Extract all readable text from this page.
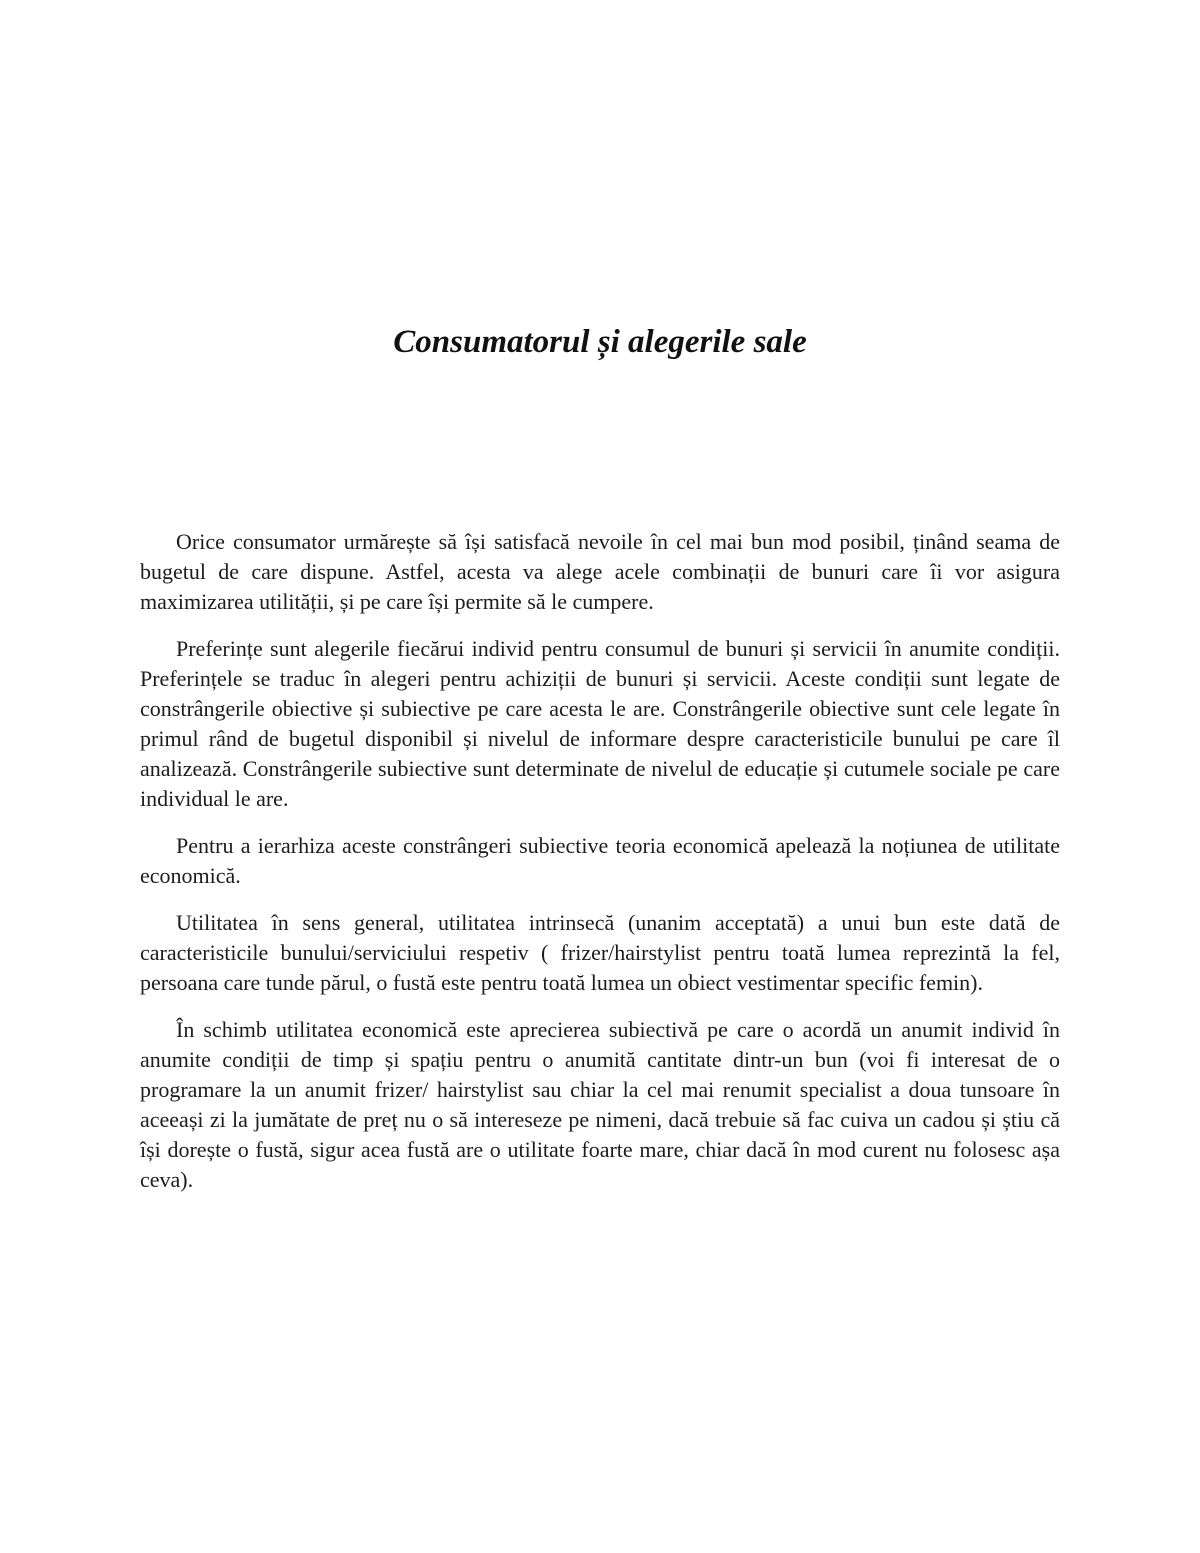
Consumatorul și alegerile sale

Orice consumator urmărește să își satisfacă nevoile în cel mai bun mod posibil, ținând seama de bugetul de care dispune. Astfel, acesta va alege acele combinații de bunuri care îi vor asigura maximizarea utilității, și pe care își permite să le cumpere.

Preferințe sunt alegerile fiecărui individ pentru consumul de bunuri și servicii în anumite condiții. Preferințele se traduc în alegeri pentru achiziții de bunuri și servicii. Aceste condiții sunt legate de constrângerile obiective și subiective pe care acesta le are. Constrângerile obiective sunt cele legate în primul rând de bugetul disponibil și nivelul de informare despre caracteristicile bunului pe care îl analizează. Constrângerile subiective sunt determinate de nivelul de educație și cutumele sociale pe care individual le are.

Pentru a ierarhiza aceste constrângeri subiective teoria economică apelează la noțiunea de utilitate economică.

Utilitatea în sens general, utilitatea intrinsecă (unanim acceptată) a unui bun este dată de caracteristicile bunului/serviciului respetiv ( frizer/hairstylist pentru toată lumea reprezintă la fel, persoana care tunde părul, o fustă este pentru toată lumea un obiect vestimentar specific femin).

În schimb utilitatea economică este aprecierea subiectivă pe care o acordă un anumit individ în anumite condiții de timp și spațiu pentru o anumită cantitate dintr-un bun (voi fi interesat de o programare la un anumit frizer/ hairstylist sau chiar la cel mai renumit specialist a doua tunsoare în aceeași zi la jumătate de preț nu o să intereseze pe nimeni, dacă trebuie să fac cuiva un cadou și știu că își dorește o fustă, sigur acea fustă are o utilitate foarte mare, chiar dacă în mod curent nu folosesc așa ceva).
